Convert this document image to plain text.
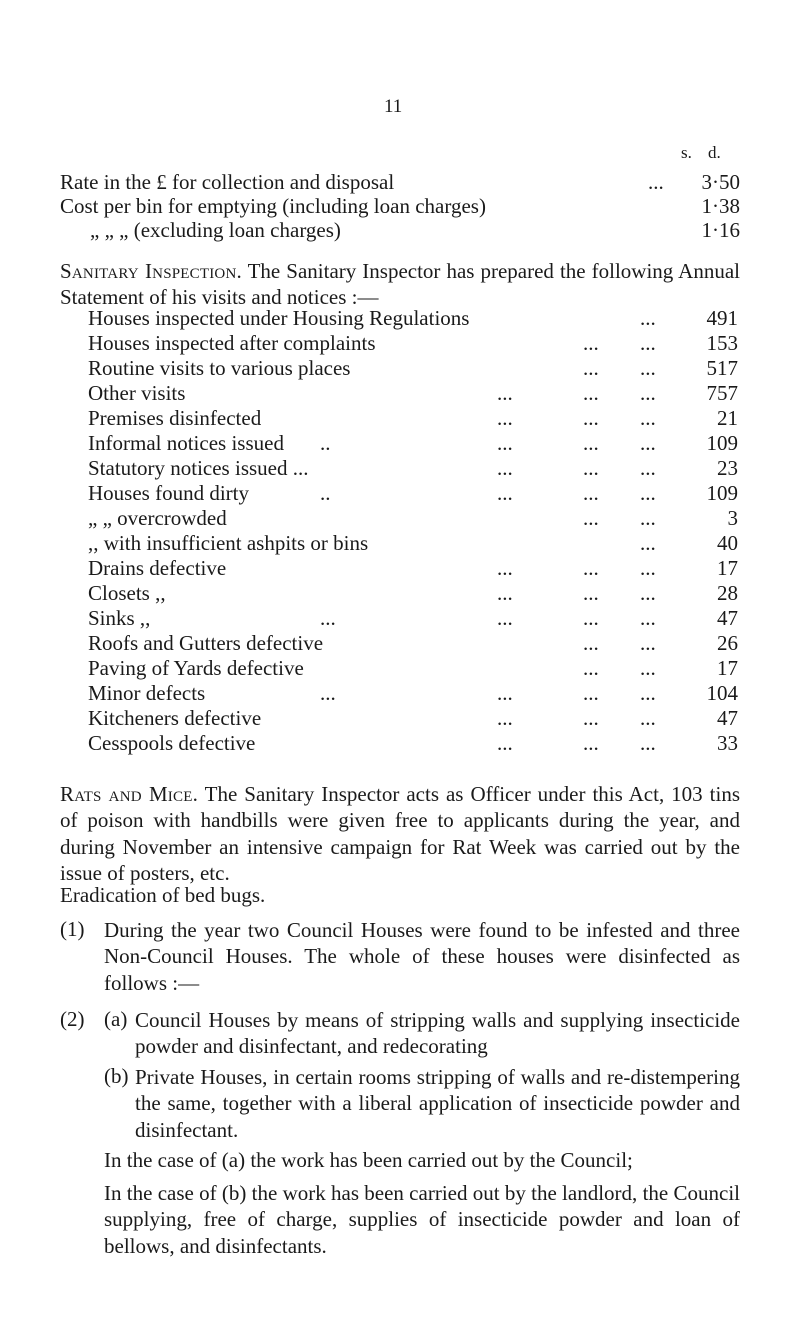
11
s. d.
Rate in the £ for collection and disposal	... 3·50
Cost per bin for emptying (including loan charges)	1·38
„ „ „ (excluding loan charges)	1·16
Sanitary Inspection. The Sanitary Inspector has prepared the following Annual Statement of his visits and notices :—
Houses inspected under Housing Regulations	... 491
Houses inspected after complaints	... ... 153
Routine visits to various places	... ... 517
Other visits	...	... ... 757
Premises disinfected	...	... ...	21
Informal notices issued ..	...	... ... 109
Statutory notices issued ...	...	... ...	23
Houses found dirty	..	...	... ... 109
„ „ overcrowded	... ...	3
,, with insufficient ashpits or bins	...	40
Drains defective	...	... ...	17
Closets ,,	...	... ...	28
Sinks ,,	...	...	... ...	47
Roofs and Gutters defective	... ...	26
Paving of Yards defective	... ...	17
Minor defects	...	...	... ... 104
Kitcheners defective	...	... ...	47
Cesspools defective	...	... ...	33
Rats and Mice. The Sanitary Inspector acts as Officer under this Act, 103 tins of poison with handbills were given free to applicants during the year, and during November an intensive campaign for Rat Week was carried out by the issue of posters, etc.
Eradication of bed bugs.
(1) During the year two Council Houses were found to be infested and three Non-Council Houses. The whole of these houses were disinfected as follows :—
(2) (a) Council Houses by means of stripping walls and supplying insecticide powder and disinfectant, and redecorating
(b) Private Houses, in certain rooms stripping of walls and re-distempering the same, together with a liberal application of insecticide powder and disinfectant.
In the case of (a) the work has been carried out by the Council;
In the case of (b) the work has been carried out by the landlord, the Council supplying, free of charge, supplies of insecticide powder and loan of bellows, and disinfectants.
